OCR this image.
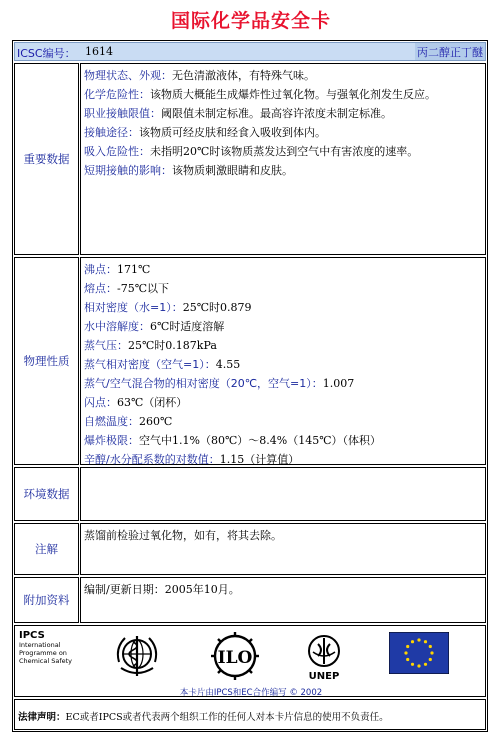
国际化学品安全卡
ICSC编号： 1614	丙二醇正丁醚
重要数据
物理状态、外观：无色清澈液体，有特殊气味。
化学危险性：该物质大概能生成爆炸性过氧化物。与强氧化剂发生反应。
职业接触限值：阈限值未制定标准。最高容许浓度未制定标准。
接触途径：该物质可经皮肤和经食入吸收到体内。
吸入危险性：未指明20℃时该物质蒸发达到空气中有害浓度的速率。
短期接触的影响：该物质刺激眼睛和皮肤。
物理性质
沸点：171℃
熔点：-75℃以下
相对密度（水=1）：25℃时0.879
水中溶解度：6℃时适度溶解
蒸气压：25℃时0.187kPa
蒸气相对密度（空气=1）：4.55
蒸气/空气混合物的相对密度（20℃，空气=1）：1.007
闪点：63℃（闭杯）
自燃温度：260℃
爆炸极限：空气中1.1%（80℃）～8.4%（145℃）（体积）
辛醇/水分配系数的对数值：1.15（计算值）
环境数据
注解
蒸馏前检验过氧化物，如有，将其去除。
附加资料
编制/更新日期：2005年10月。
IPCS
International
Programme on
Chemical Safety	ILO
UNEP
本卡片由IPCS和EC合作编写 © 2002
法律声明：EC或者IPCS或者代表两个组织工作的任何人对本卡片信息的使用不负责任。
